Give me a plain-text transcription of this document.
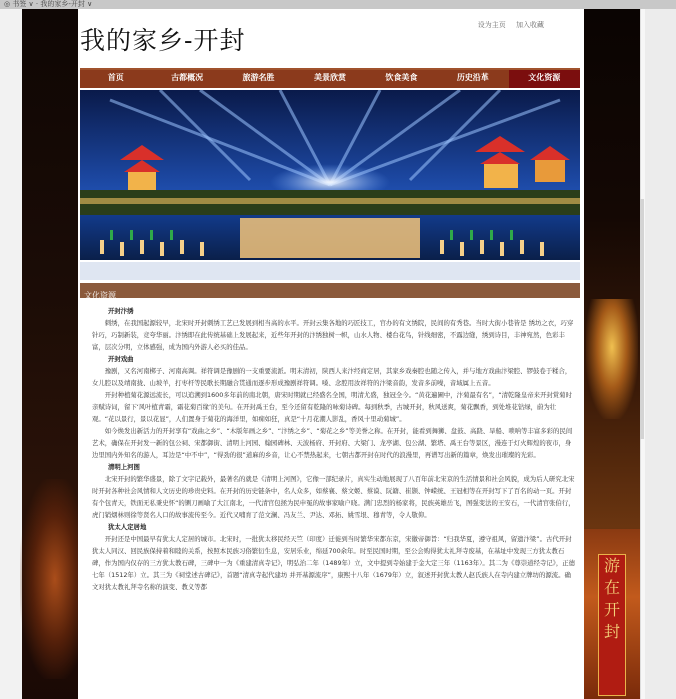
◎ 书签 ∨ · 我的家乡-开封 ∨
游
在
开
封
我的家乡-开封
设为主页 加入收藏
首页	古都概况	旅游名胜	美景欣赏	饮食美食	历史沿革	文化资源
文化资源
开封汴绣

刺绣，在我国起源较早，北宋时开封刺绣工艺已发展到相当高的水平。开封云集各地的巧匠技工，官办的有文绣院，民间的有秀巷。当时大街小巷皆是 绣坊之衣，巧穿针巧，巧制新装，竞夸华丽。汴绣即在此传统基础上发展起来，近些年开封的汴绣独树一帜，山水人物、楼台花鸟，针线细密，不露边缝，绣到诗目，丰神宛然，色彩丰富，层次分明，立体感强，成为国内外游人必买的佳品。

开封戏曲

豫剧，又名河南梆子、河南高调。祥符调是豫剧的一支重要流派。明末清初，陕西人来汴经商定居，其家乡戏秦腔也随之传入，并与地方戏曲汴梁腔、锣鼓卷于糅合，女儿腔以及靖南拢、山坡羊，打枣杆等民歌长期融合贯通而逐步形成豫剧祥符调。嗓、念腔用汝祥符的汴梁音韵，发音多前噪，音域属上五音。

开封种植菊花源远流长，可以追溯到1600多年前的南北朝，唐宋时期就已经盛名全国，明清尤盛，独冠全今。“黄花遍圃中，汴菊最有名”，“清乾隆皇帝来开封赏菊时亲赋诗词，留下‘风叶植青霜，霜花菊百缘’的美句。在开封禹王台，至今还留有乾隆的咏菊诗碑。每到秋季，古城开封，秋风送爽，菊花飘香，到处堆花钻绿，蔚为壮观。“花以景行，景以花显”，人们置身于菊花的海洋里，如痴如狂，真是“十月花潮人影乱，香风十里动菊城”。

如今焕发出新活力的开封享有“戏曲之乡”、“木版年画之乡”、“汴绣之乡”、“菊花之乡”等美誉之称。在开封，能看到舞狮、盘鼓、高跷、旱船、唢呐等丰富多彩的民间艺术，确保在开封发一新的包公祠、宋都御街、清明上河园、翰园碑林、天波杨府、开封府、大梁门、龙亭湖、包公湖、繁塔、禹王台等景区，漫连于灯火辉煌的夜市，身边里国内外知名的游人，耳边是“中不中”，“得劲的很”道麻的乡音，让心不禁热起来，七朝古都开封在时代的浪漫里，再谱写出新的篇章，焕发出璀璨的光彩。

清明上河图

北宋开封的繁华盛景，除了文字记载外，最著名的就是《清明上河图》，它像一部纪录片，真实生动地展现了八百年前北宋京的生活情景和社会风貌，成为后人研究北宋时开封各种社会风情和人文历史的珍贵史料。在开封的历史链条中，名人众多，如蔡襄、蔡文姬、蔡谟、阮籍、崔颢、钟嵘统、王冠相等在开封写下了百名的动一页。开封有个包青天，铁面无私秉史怀“的铡刀画喻了大江南北，一代清官包拯为民申冤的故事家喻户晓。满门忠烈的杨家将，民族英雄岳飞，图强变法的王安石，一代清官张伯行，虎门销烟林则徐等贤名人口的故事流传至今。近代又哺育了范文澜、冯友兰、尹达、邓拓、姚雪垠、穆青等，令人敬仰。

犹太人定居地

开封还是中国最早有犹太人定居的城市。北宋时，一批犹太移民经天竺（印度）迁徙到当时繁华宋都东京，宋徽帝御旨：“归我华夏，遵守祖风，留遗汴梁”。古代开封犹太人同汉、回民族保持着和睦的关系，按照本民族习俗繁衍生息，安居乐业，绵延700余年。时至民国时期，至公会购得犹太礼拜寺废基，在基址中发现三方犹太教石碑，作为国内仅存的三方犹太教石碑，三碑中一为《重建清真寺记》，明弘治二年（1489年）立，文中提到寺始建于金大定三年（1163年）。其二为《尊崇道经寺记》，正德七年（1512年）立。其三为《祠堂述古碑记》，首题“清真寺起代建坊 并开基源流序”，康熙十八年（1679年）立，叙述开封犹太教人赵氏族人在寺内建立牌坊的源流。确文对犹太教礼拜寺名称的演变、教义等都
